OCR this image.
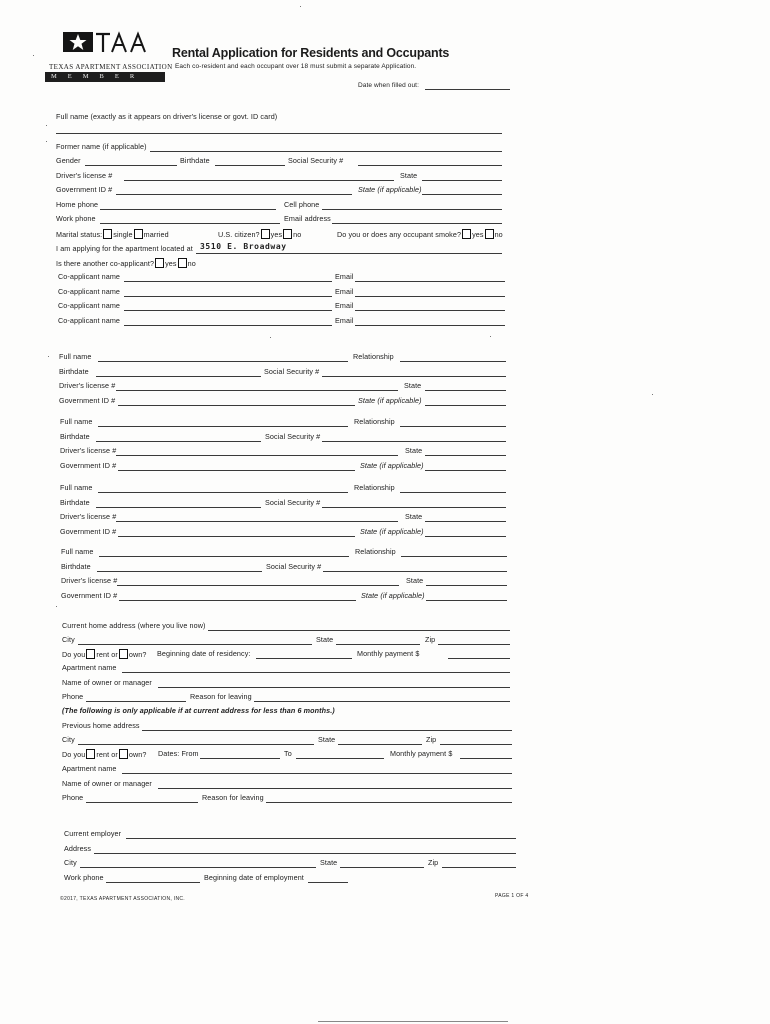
TEXAS APARTMENT ASSOCIATION
MEMBER
Rental Application for Residents and Occupants
Each co-resident and each occupant over 18 must submit a separate Application.
Date when filled out:
Full name (exactly as it appears on driver's license or govt. ID card)
Former name (if applicable)
Gender	Birthdate	Social Security #
Driver's license #	State
Government ID #	State (if applicable)
Home phone	Cell phone
Work phone	Email address
Marital status: single married	U.S. citizen? yes no	Do you or does any occupant smoke? yes no
I am applying for the apartment located at 3510 E. Broadway
Is there another co-applicant? yes no
Co-applicant name	Email
Co-applicant name	Email
Co-applicant name	Email
Co-applicant name	Email
Full name	Relationship
Birthdate	Social Security #
Driver's license #	State
Government ID #	State (if applicable)
Full name	Relationship
Birthdate	Social Security #
Driver's license #	State
Government ID #	State (if applicable)
Full name	Relationship
Birthdate	Social Security #
Driver's license #	State
Government ID #	State (if applicable)
Full name	Relationship
Birthdate	Social Security #
Driver's license #	State
Government ID #	State (if applicable)
Current home address (where you live now)
City	State	Zip
Do you rent or own? Beginning date of residency:	Monthly payment $
Apartment name
Name of owner or manager
Phone	Reason for leaving
(The following is only applicable if at current address for less than 6 months.)
Previous home address
City	State	Zip
Do you rent or own? Dates: From	To	Monthly payment $
Apartment name
Name of owner or manager
Phone	Reason for leaving
Current employer
Address
City	State	Zip
Work phone	Beginning date of employment
©2017, TEXAS APARTMENT ASSOCIATION, INC.	PAGE 1 OF 4
